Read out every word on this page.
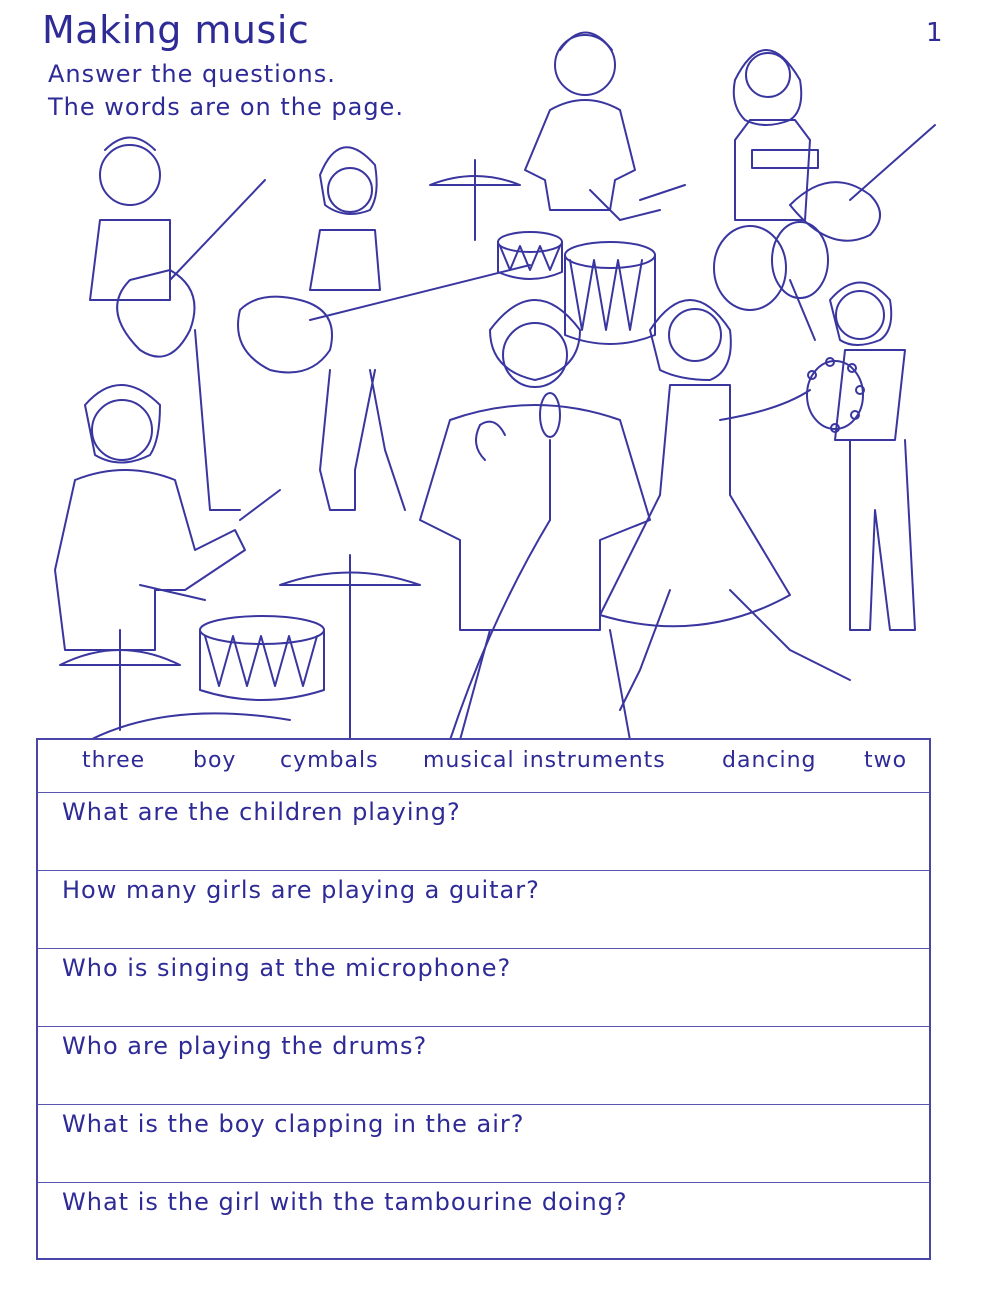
Making music
Answer the questions.
The words are on the page.
1
three boy cymbals musical instruments	dancing two
What are the children playing?
How many girls are playing a guitar?
Who is singing at the microphone?
Who are playing the drums?
What is the boy clapping in the air?
What is the girl with the tambourine doing?
